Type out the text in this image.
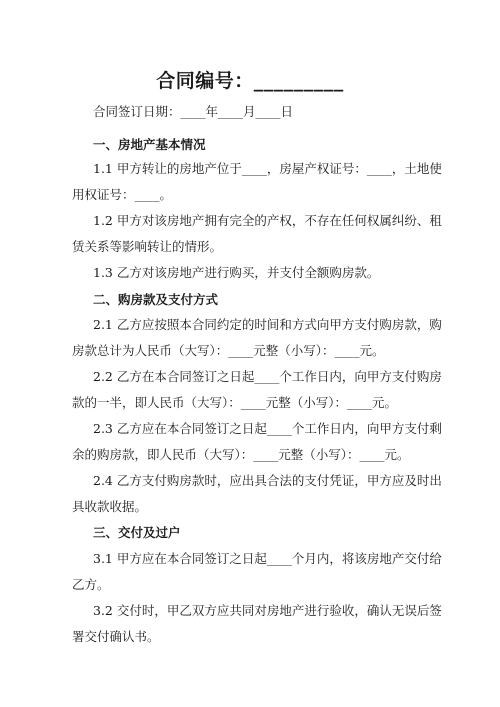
合同编号：_________
合同签订日期：____年____月____日
一、房地产基本情况
1.1 甲方转让的房地产位于____，房屋产权证号：____，土地使
用权证号：____。
1.2 甲方对该房地产拥有完全的产权，不存在任何权属纠纷、租
赁关系等影响转让的情形。
1.3 乙方对该房地产进行购买，并支付全额购房款。
二、购房款及支付方式
2.1 乙方应按照本合同约定的时间和方式向甲方支付购房款，购
房款总计为人民币（大写）：____元整（小写）：____元。
2.2 乙方在本合同签订之日起____个工作日内，向甲方支付购房
款的一半，即人民币（大写）：____元整（小写）：____元。
2.3 乙方应在本合同签订之日起____个工作日内，向甲方支付剩
余的购房款，即人民币（大写）：____元整（小写）：____元。
2.4 乙方支付购房款时，应出具合法的支付凭证，甲方应及时出
具收款收据。
三、交付及过户
3.1 甲方应在本合同签订之日起____个月内，将该房地产交付给
乙方。
3.2 交付时，甲乙双方应共同对房地产进行验收，确认无误后签
署交付确认书。
